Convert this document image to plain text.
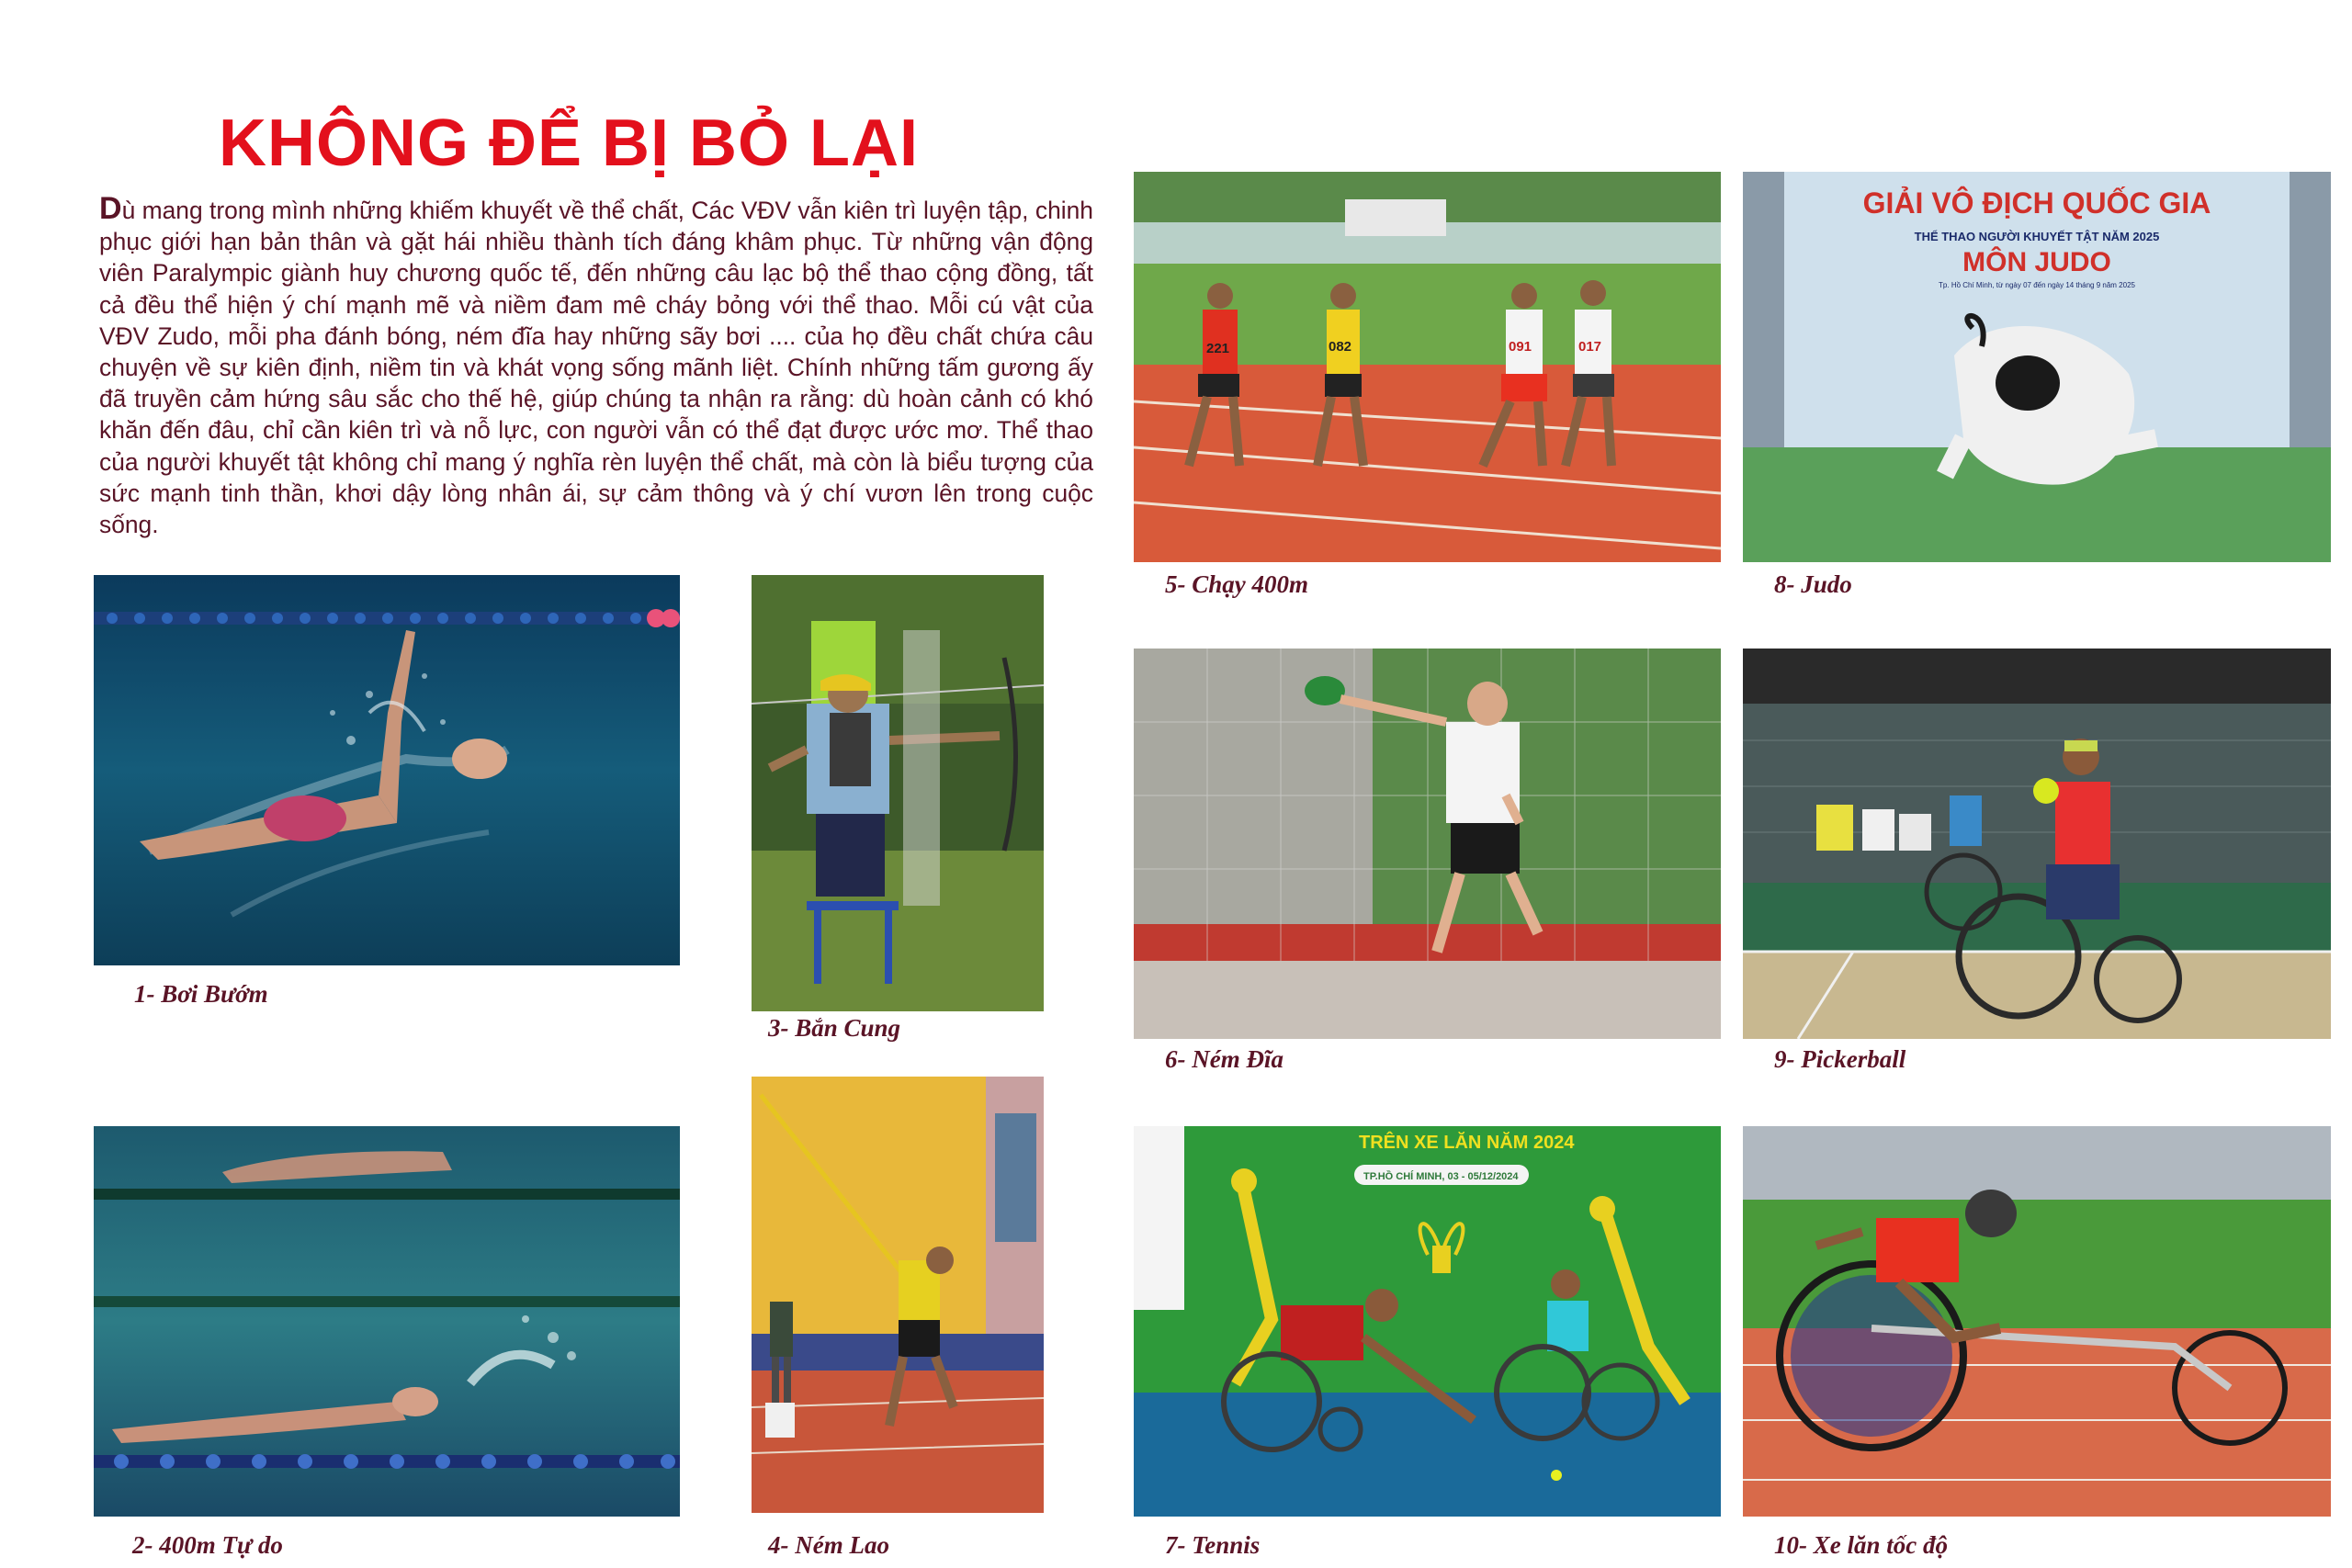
KHÔNG ĐỂ BỊ BỎ LẠI

Dù mang trong mình những khiếm khuyết về thể chất, Các VĐV vẫn kiên trì luyện tập, chinh phục giới hạn bản thân và gặt hái nhiều thành tích đáng khâm phục. Từ những vận động viên Paralympic giành huy chương quốc tế, đến những câu lạc bộ thể thao cộng đồng, tất cả đều thể hiện ý chí mạnh mẽ và niềm đam mê cháy bỏng với thể thao. Mỗi cú vật của VĐV Zudo, mỗi pha đánh bóng, ném đĩa hay những sãy bơi .... của họ đều chất chứa câu chuyện về sự kiên định, niềm tin và khát vọng sống mãnh liệt. Chính những tấm gương ấy đã truyền cảm hứng sâu sắc cho thế hệ, giúp chúng ta nhận ra rằng: dù hoàn cảnh có khó khăn đến đâu, chỉ cần kiên trì và nỗ lực, con người vẫn có thể đạt được ước mơ. Thể thao của người khuyết tật không chỉ mang ý nghĩa rèn luyện thể chất, mà còn là biểu tượng của sức mạnh tinh thần, khơi dậy lòng nhân ái, sự cảm thông và ý chí vươn lên trong cuộc sống.

1- Bơi Bướm
2- 400m Tự do
3- Bắn Cung
4- Ném Lao
221	082	091	017
5- Chạy 400m
6- Ném Đĩa
TRÊN XE LĂN NĂM 2024
TP.HỒ CHÍ MINH, 03 - 05/12/2024
7- Tennis
GIẢI VÔ ĐỊCH QUỐC GIA
THỂ THAO NGƯỜI KHUYẾT TẬT NĂM 2025
MÔN JUDO
Tp. Hồ Chí Minh, từ ngày 07 đến ngày 14 tháng 9 năm 2025
8- Judo
9- Pickerball
10- Xe lăn tốc độ
